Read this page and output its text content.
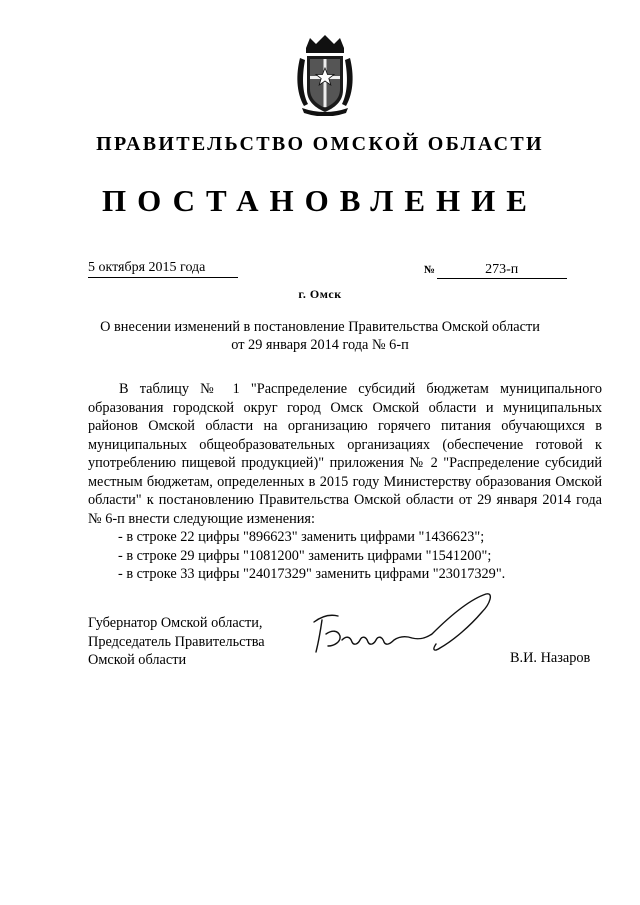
ПРАВИТЕЛЬСТВО ОМСКОЙ ОБЛАСТИ
ПОСТАНОВЛЕНИЕ
5 октября 2015 года	№	273-п
г. Омск
О внесении изменений в постановление Правительства Омской области
от 29 января 2014 года № 6-п

В таблицу № 1 "Распределение субсидий бюджетам муниципального образования городской округ город Омск Омской области и муниципальных районов Омской области на организацию горячего питания обучающихся в муниципальных общеобразовательных организациях (обеспечение готовой к употреблению пищевой продукцией)" приложения № 2 "Распределение субсидий местным бюджетам, определенных в 2015 году Министерству образования Омской области" к постановлению Правительства Омской области от 29 января 2014 года № 6-п внести следующие изменения:

- в строке 22 цифры "896623" заменить цифрами "1436623";
- в строке 29 цифры "1081200" заменить цифрами "1541200";
- в строке 33 цифры "24017329" заменить цифрами "23017329".
Губернатор Омской области,
Председатель Правительства
Омской области	В.И. Назаров
